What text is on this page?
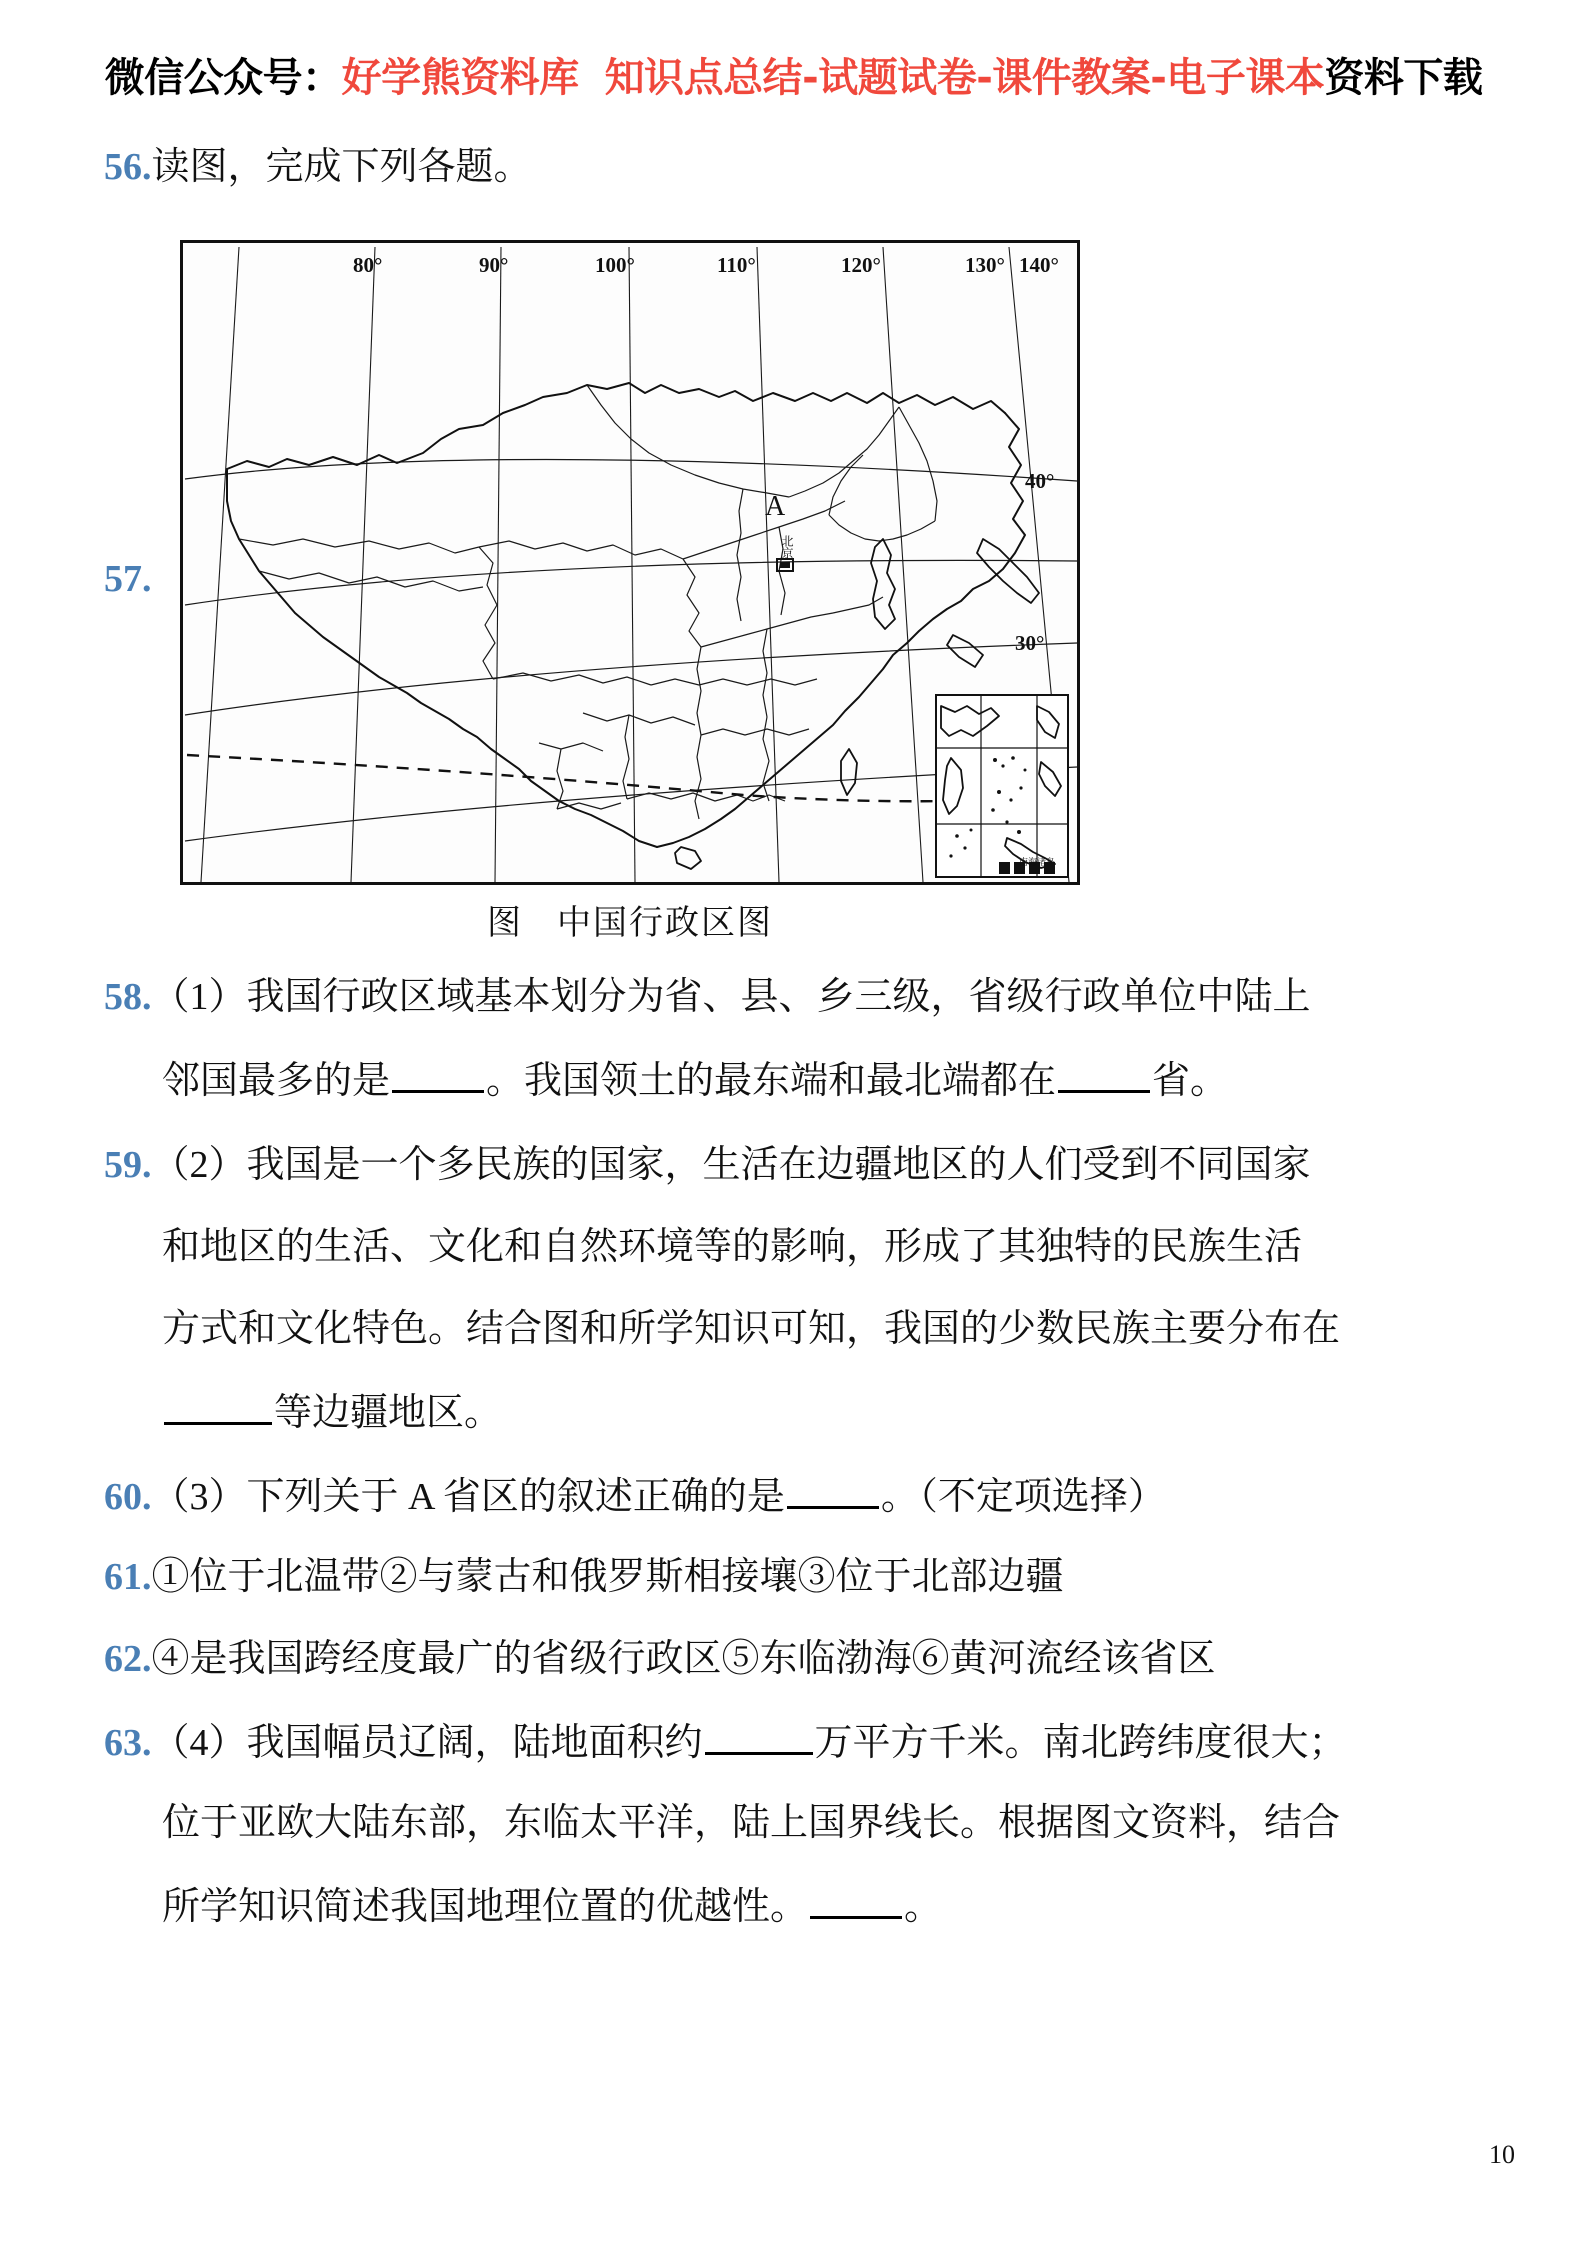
微信公众号：好学熊资料库 知识点总结-试题试卷-课件教案-电子课本资料下载
56.读图，完成下列各题。
57.
80°	90°	100°	110°	120°	130° 140°
40°
30°
A
北京
南海诸岛
图 中国行政区图
58.（1）我国行政区域基本划分为省、县、乡三级，省级行政单位中陆上
邻国最多的是	。我国领土的最东端和最北端都在	省。
59.（2）我国是一个多民族的国家，生活在边疆地区的人们受到不同国家
和地区的生活、文化和自然环境等的影响，形成了其独特的民族生活
方式和文化特色。结合图和所学知识可知，我国的少数民族主要分布在
等边疆地区。
60.（3）下列关于 A 省区的叙述正确的是	。（不定项选择）
61.①位于北温带②与蒙古和俄罗斯相接壤③位于北部边疆
62.④是我国跨经度最广的省级行政区⑤东临渤海⑥黄河流经该省区
63.（4）我国幅员辽阔，陆地面积约	万平方千米。南北跨纬度很大；
位于亚欧大陆东部，东临太平洋，陆上国界线长。根据图文资料，结合
所学知识简述我国地理位置的优越性。	。
10
